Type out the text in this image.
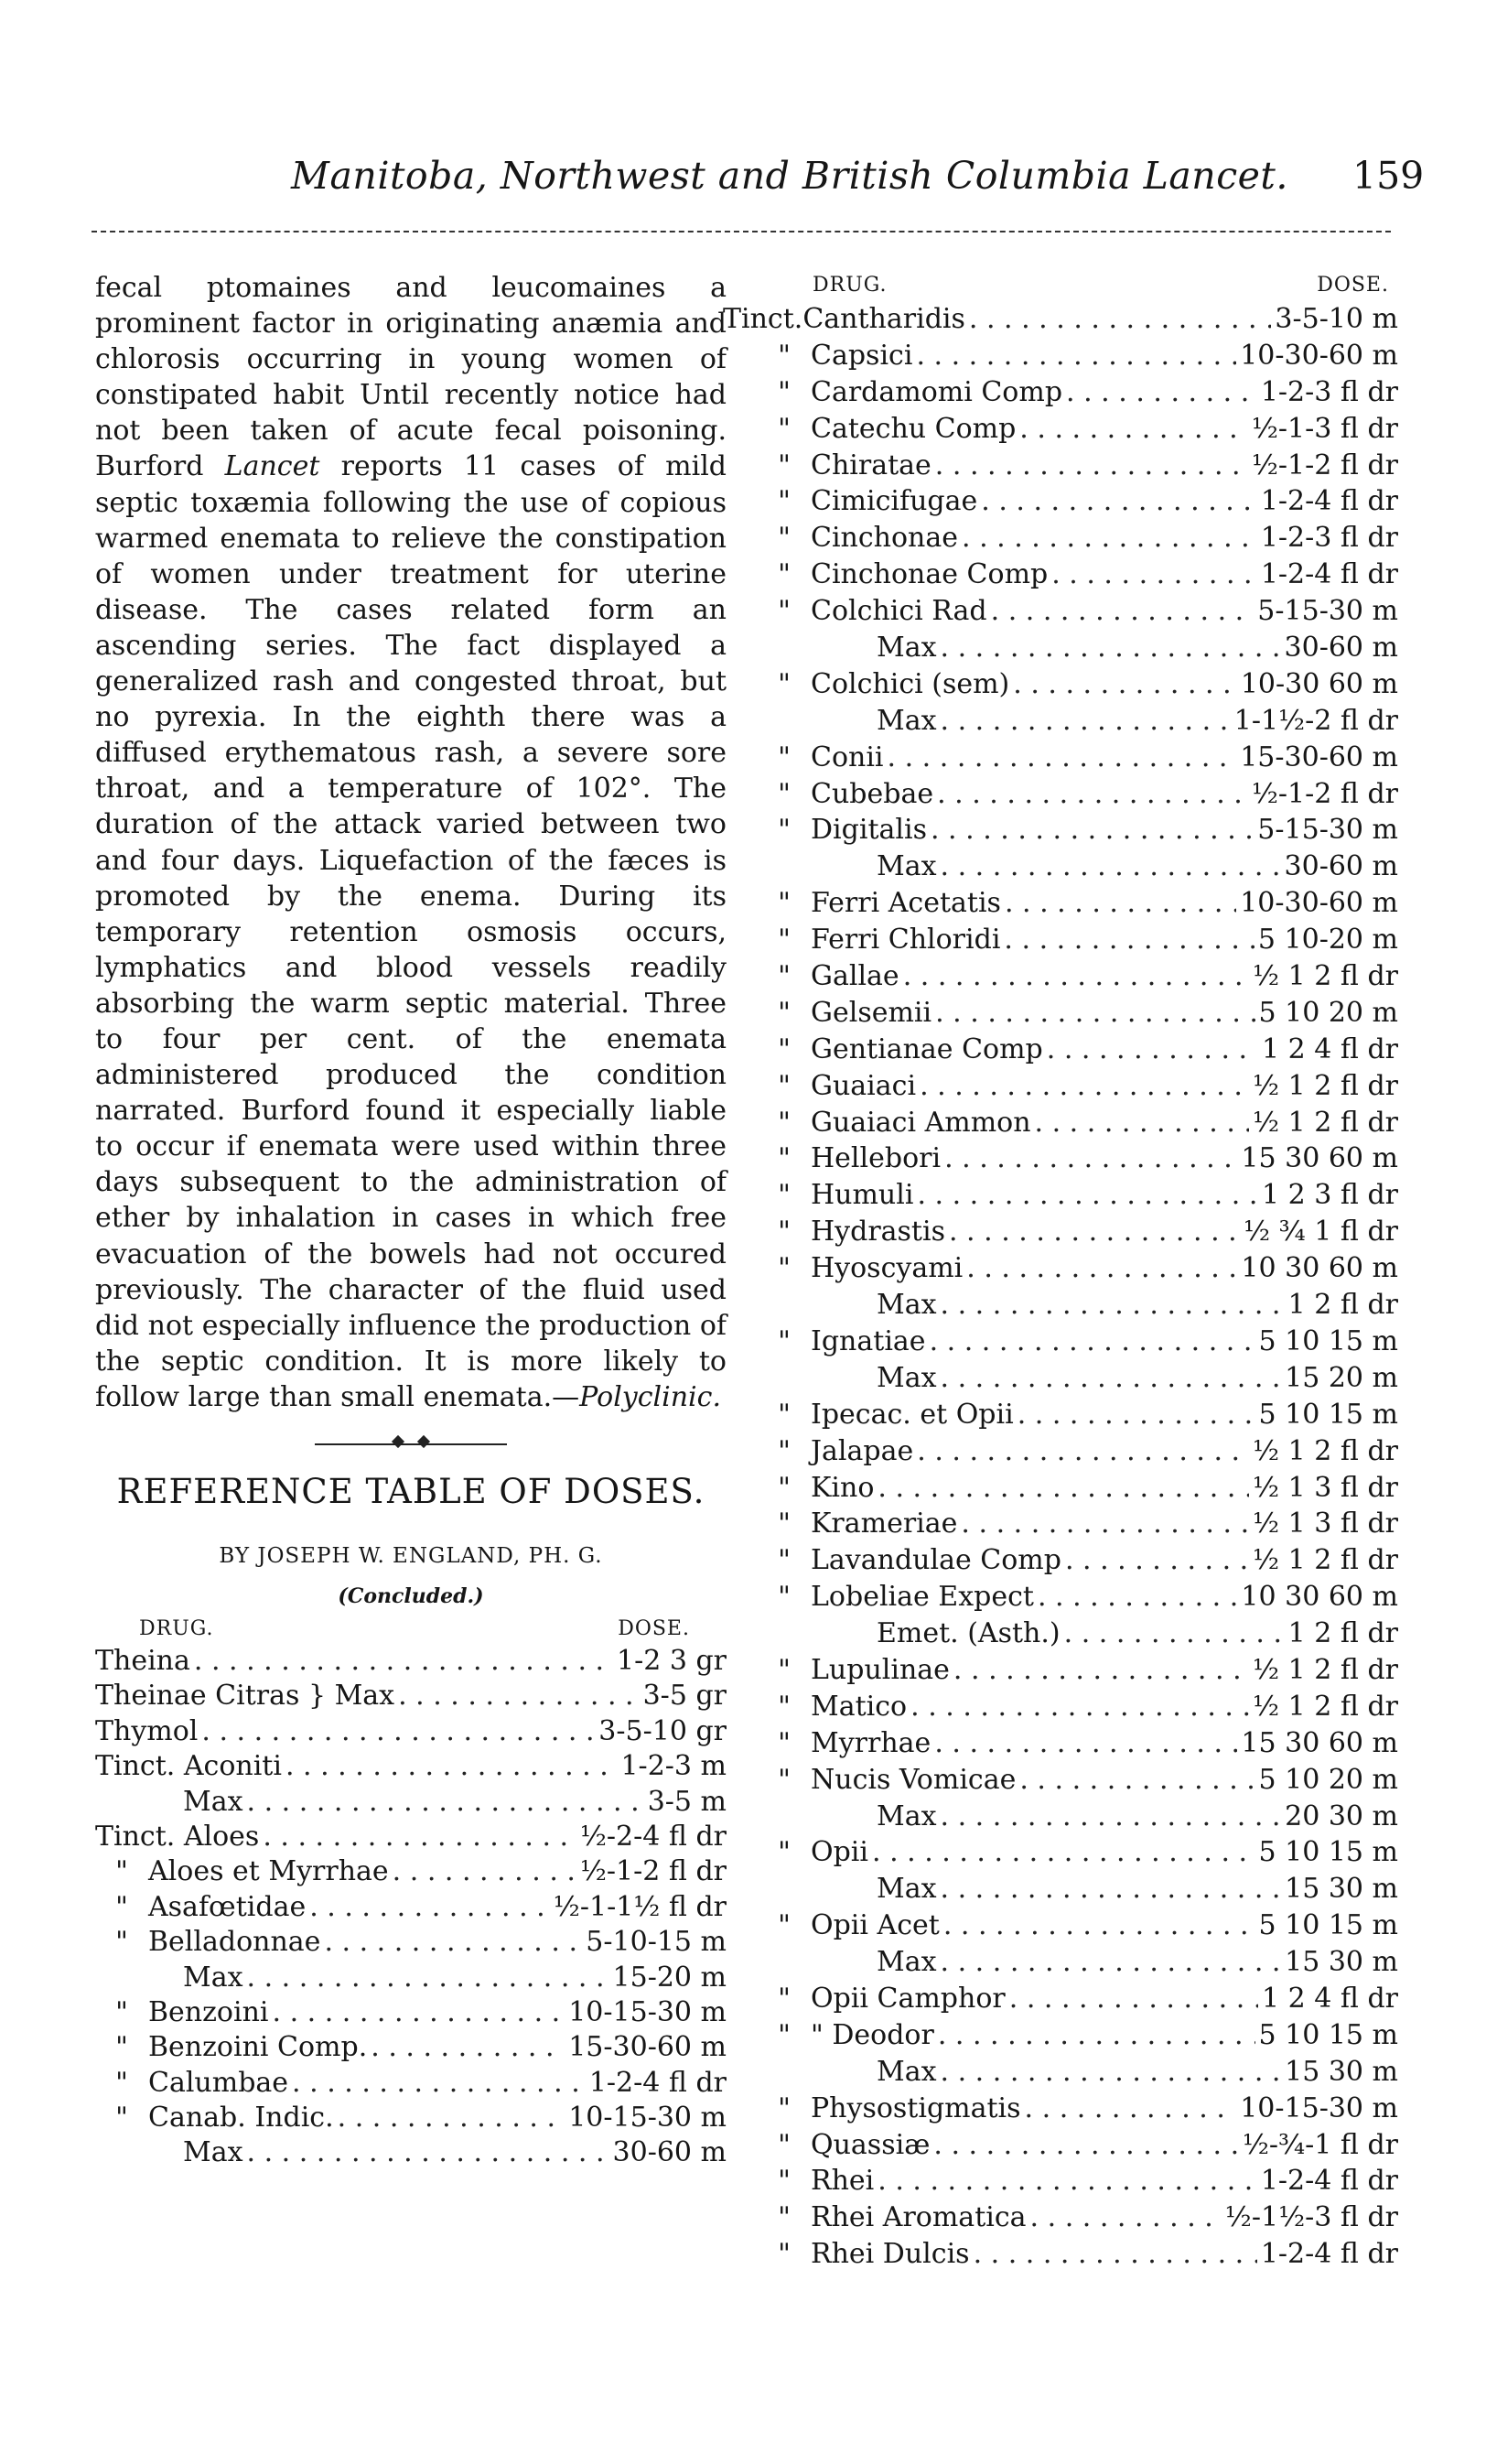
Manitoba, Northwest and British Columbia Lancet. 159

fecal ptomaines and leucomaines a prominent factor in originating anæmia and chlorosis occurring in young women of constipated habit Until recently notice had not been taken of acute fecal poisoning. Burford Lancet reports 11 cases of mild septic toxæmia following the use of copious warmed enemata to relieve the constipation of women under treatment for uterine disease. The cases related form an ascending series. The fact displayed a generalized rash and congested throat, but no pyrexia. In the eighth there was a diffused erythematous rash, a severe sore throat, and a temperature of 102°. The duration of the attack varied between two and four days. Liquefaction of the fæces is promoted by the enema. During its temporary retention osmosis occurs, lymphatics and blood vessels readily absorbing the warm septic material. Three to four per cent. of the enemata administered produced the condition narrated. Burford found it especially liable to occur if enemata were used within three days subsequent to the administration of ether by inhalation in cases in which free evacuation of the bowels had not occured previously. The character of the fluid used did not especially influence the production of the septic condition. It is more likely to follow large than small enemata.—Polyclinic.

REFERENCE TABLE OF DOSES.
BY JOSEPH W. ENGLAND, PH. G.
(Concluded.)
DRUG.	DOSE.
Theina . . .	1-2 3 gr
Theinae Citras } Max . . .	3-5 gr
Thymol . . .	3-5-10 gr
Tinct. Aconiti . . .	1-2-3 m
Max . . .	3-5 m
Tinct. Aloes . . .	½-2-4 fl dr
" Aloes et Myrrhae . . .	½-1-2 fl dr
" Asafœtidae . . .	½-1-1½ fl dr
" Belladonnae . . .	5-10-15 m
Max . . .	15-20 m
" Benzoini . . .	10-15-30 m
" Benzoini Comp. . . .	15-30-60 m
" Calumbae . . .	1-2-4 fl dr
" Canab. Indic. . . .	10-15-30 m
Max . . .	30-60 m
DRUG.	DOSE.
Tinct. Cantharidis . . .	3-5-10 m
" Capsici . . .	10-30-60 m
" Cardamomi Comp . . .	1-2-3 fl dr
" Catechu Comp . . .	½-1-3 fl dr
" Chiratae . . .	½-1-2 fl dr
" Cimicifugae . . .	1-2-4 fl dr
" Cinchonae . . .	1-2-3 fl dr
" Cinchonae Comp . . .	1-2-4 fl dr
" Colchici Rad . . .	5-15-30 m
Max . . .	30-60 m
" Colchici (sem) . . .	10-30 60 m
Max . . .	1-1½-2 fl dr
" Conii . . .	15-30-60 m
" Cubebae . . .	½-1-2 fl dr
" Digitalis . . .	5-15-30 m
Max . . .	30-60 m
" Ferri Acetatis . . .	10-30-60 m
" Ferri Chloridi . . .	5 10-20 m
" Gallae . . .	½ 1 2 fl dr
" Gelsemii . . .	5 10 20 m
" Gentianae Comp . . .	1 2 4 fl dr
" Guaiaci . . .	½ 1 2 fl dr
" Guaiaci Ammon . . .	½ 1 2 fl dr
" Hellebori . . .	15 30 60 m
" Humuli . . .	1 2 3 fl dr
" Hydrastis . . .	½ ¾ 1 fl dr
" Hyoscyami . . .	10 30 60 m
Max . . .	1 2 fl dr
" Ignatiae . . .	5 10 15 m
Max . . .	15 20 m
" Ipecac. et Opii . . .	5 10 15 m
" Jalapae . . .	½ 1 2 fl dr
" Kino . . .	½ 1 3 fl dr
" Krameriae . . .	½ 1 3 fl dr
" Lavandulae Comp . . .	½ 1 2 fl dr
" Lobeliae Expect . . .	10 30 60 m
Emet. (Asth.) . . .	1 2 fl dr
" Lupulinae . . .	½ 1 2 fl dr
" Matico . . .	½ 1 2 fl dr
" Myrrhae . . .	15 30 60 m
" Nucis Vomicae . . .	5 10 20 m
Max . . .	20 30 m
" Opii . . .	5 10 15 m
Max . . .	15 30 m
" Opii Acet . . .	5 10 15 m
Max . . .	15 30 m
" Opii Camphor . . .	1 2 4 fl dr
" " Deodor . . .	5 10 15 m
Max . . .	15 30 m
" Physostigmatis . . .	10-15-30 m
" Quassiæ . . .	½-¾-1 fl dr
" Rhei . . .	1-2-4 fl dr
" Rhei Aromatica . . .	½-1½-3 fl dr
" Rhei Dulcis . . .	1-2-4 fl dr
